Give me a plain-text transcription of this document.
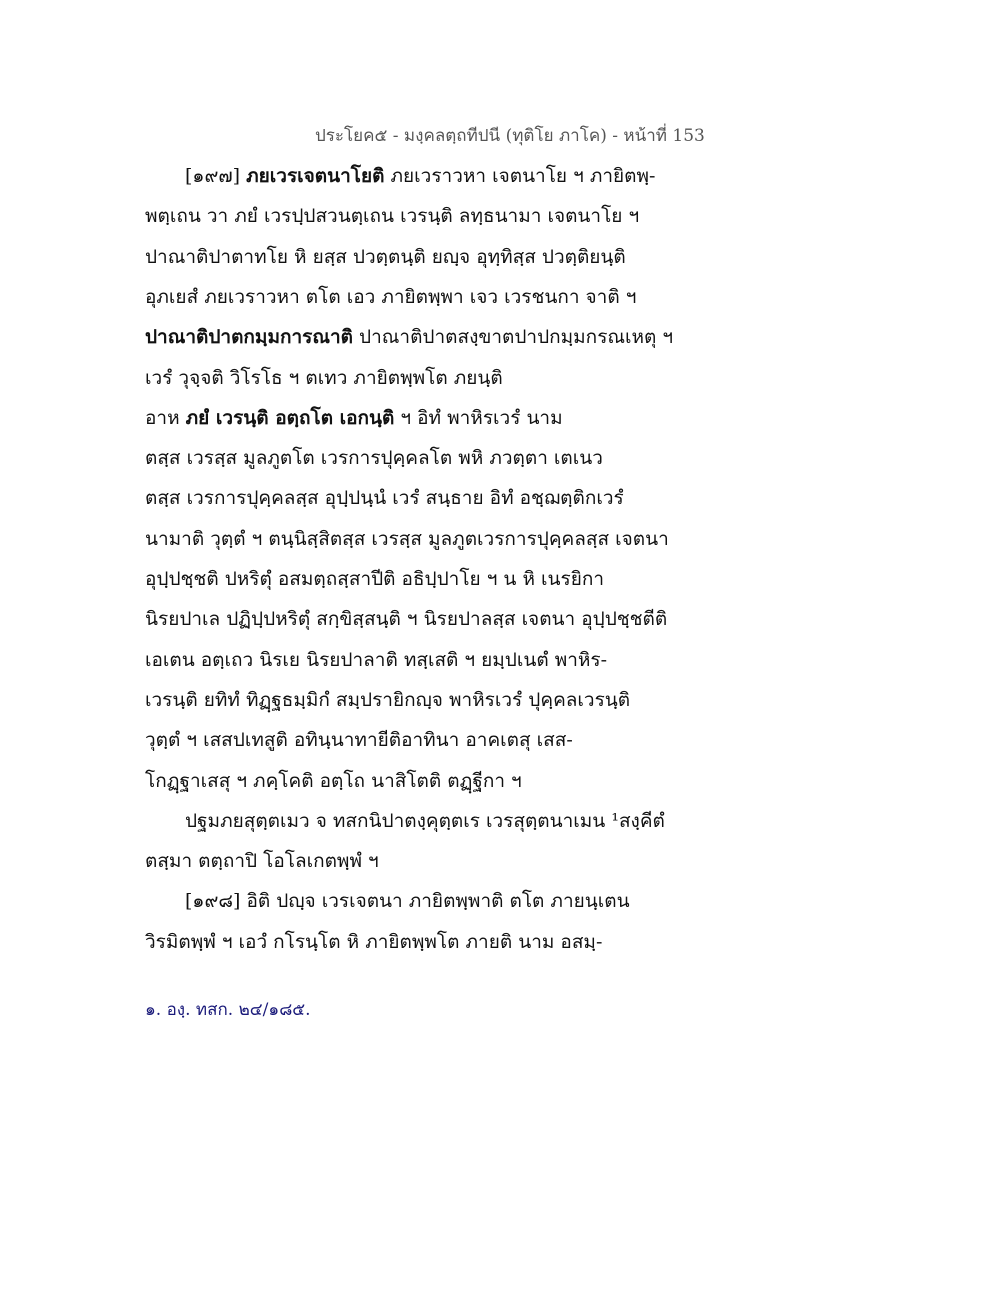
ประโยค๕ - มงฺคลตฺถทีปนี (ทุติโย ภาโค) - หน้าที่ 153
[๑๙๗] ภยเวรเจตนาโยติ ภยเวราวหา เจตนาโย ฯ ภายิตพฺ-
พตฺเถน วา ภยํ เวรปฺปสวนตฺเถน เวรนฺติ ลทฺธนามา เจตนาโย ฯ
ปาณาติปาตาทโย หิ ยสฺส ปวตฺตนฺติ ยญฺจ อุทฺทิสฺส ปวตฺติยนฺติ
อุภเยสํ ภยเวราวหา ตโต เอว ภายิตพฺพา เจว เวรชนกา จาติ ฯ
ปาณาติปาตกมฺมการณาติ ปาณาติปาตสงฺขาตปาปกมฺมกรณเหตุ ฯ
เวรํ วุจฺจติ วิโรโธ ฯ ตเทว ภายิตพฺพโต ภยนฺติ
อาห ภยํ เวรนฺติ อตฺถโต เอกนฺติ ฯ อิทํ พาหิรเวรํ นาม
ตสฺส เวรสฺส มูลภูตโต เวรการปุคฺคลโต พหิ ภวตฺตา เตเนว
ตสฺส เวรการปุคฺคลสฺส อุปฺปนฺนํ เวรํ สนฺธาย อิทํ อชฺฌตฺติกเวรํ
นามาติ วุตฺตํ ฯ ตนฺนิสฺสิตสฺส เวรสฺส มูลภูตเวรการปุคฺคลสฺส เจตนา
อุปฺปชฺชติ ปหริตุํ อสมตฺถสฺสาปีติ อธิปฺปาโย ฯ น หิ เนรยิกา
นิรยปาเล ปฏิปฺปหริตุํ สกฺขิสฺสนฺติ ฯ นิรยปาลสฺส เจตนา อุปฺปชฺชตีติ
เอเตน อตฺเถว นิรเย นิรยปาลาติ ทสฺเสติ ฯ ยมฺปเนตํ พาหิร-
เวรนฺติ ยทิทํ ทิฏฺฐธมฺมิกํ สมฺปรายิกญฺจ พาหิรเวรํ ปุคฺคลเวรนฺติ
วุตฺตํ ฯ เสสปเทสูติ อทินฺนาทายีติอาทินา อาคเตสุ เสส-
โกฏฺฐาเสสุ ฯ ภคฺโคติ อตฺโถ นาสิโตติ ตฏฺฐีกา ฯ
ปฐมภยสุตฺตเมว จ ทสกนิปาตงฺคุตฺตเร เวรสุตฺตนาเมน ¹สงฺคีตํ
ตสฺมา ตตฺถาปิ โอโลเกตพฺพํ ฯ
[๑๙๘] อิติ ปญฺจ เวรเจตนา ภายิตพฺพาติ ตโต ภายนฺเตน
วิรมิตพฺพํ ฯ เอวํ กโรนฺโต หิ ภายิตพฺพโต ภายติ นาม อสมฺ-
๑. องฺ. ทสก. ๒๔/๑๘๕.
